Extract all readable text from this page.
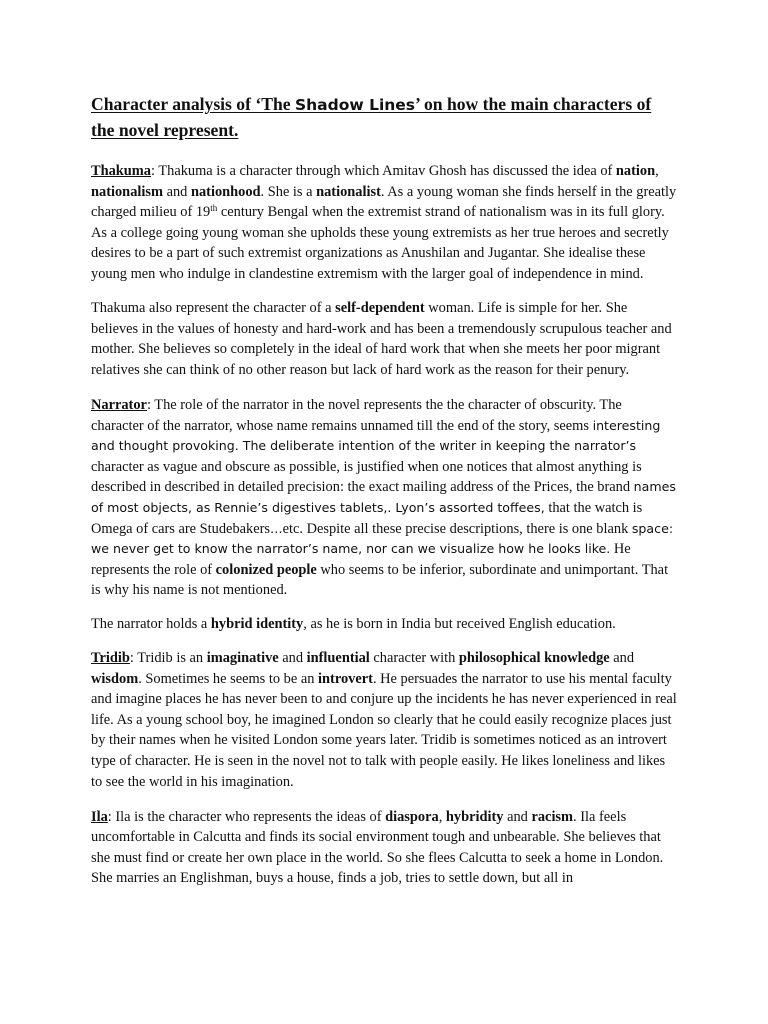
Character analysis of ‘The Shadow Lines’ on how the main characters of the novel represent.

Thakuma: Thakuma is a character through which Amitav Ghosh has discussed the idea of nation, nationalism and nationhood. She is a nationalist. As a young woman she finds herself in the greatly charged milieu of 19th century Bengal when the extremist strand of nationalism was in its full glory. As a college going young woman she upholds these young extremists as her true heroes and secretly desires to be a part of such extremist organizations as Anushilan and Jugantar. She idealise these young men who indulge in clandestine extremism with the larger goal of independence in mind.

Thakuma also represent the character of a self-dependent woman. Life is simple for her. She believes in the values of honesty and hard-work and has been a tremendously scrupulous teacher and mother. She believes so completely in the ideal of hard work that when she meets her poor migrant relatives she can think of no other reason but lack of hard work as the reason for their penury.

Narrator: The role of the narrator in the novel represents the the character of obscurity. The character of the narrator, whose name remains unnamed till the end of the story, seems interesting and thought provoking. The deliberate intention of the writer in keeping the narrator’s character as vague and obscure as possible, is justified when one notices that almost anything is described in described in detailed precision: the exact mailing address of the Prices, the brand names of most objects, as Rennie’s digestives tablets,. Lyon’s assorted toffees, that the watch is Omega of cars are Studebakers…etc. Despite all these precise descriptions, there is one blank space: we never get to know the narrator’s name, nor can we visualize how he looks like. He represents the role of colonized people who seems to be inferior, subordinate and unimportant. That is why his name is not mentioned.

The narrator holds a hybrid identity, as he is born in India but received English education.

Tridib: Tridib is an imaginative and influential character with philosophical knowledge and wisdom. Sometimes he seems to be an introvert. He persuades the narrator to use his mental faculty and imagine places he has never been to and conjure up the incidents he has never experienced in real life. As a young school boy, he imagined London so clearly that he could easily recognize places just by their names when he visited London some years later. Tridib is sometimes noticed as an introvert type of character. He is seen in the novel not to talk with people easily. He likes loneliness and likes to see the world in his imagination.

Ila: Ila is the character who represents the ideas of diaspora, hybridity and racism. Ila feels uncomfortable in Calcutta and finds its social environment tough and unbearable. She believes that she must find or create her own place in the world. So she flees Calcutta to seek a home in London. She marries an Englishman, buys a house, finds a job, tries to settle down, but all in
